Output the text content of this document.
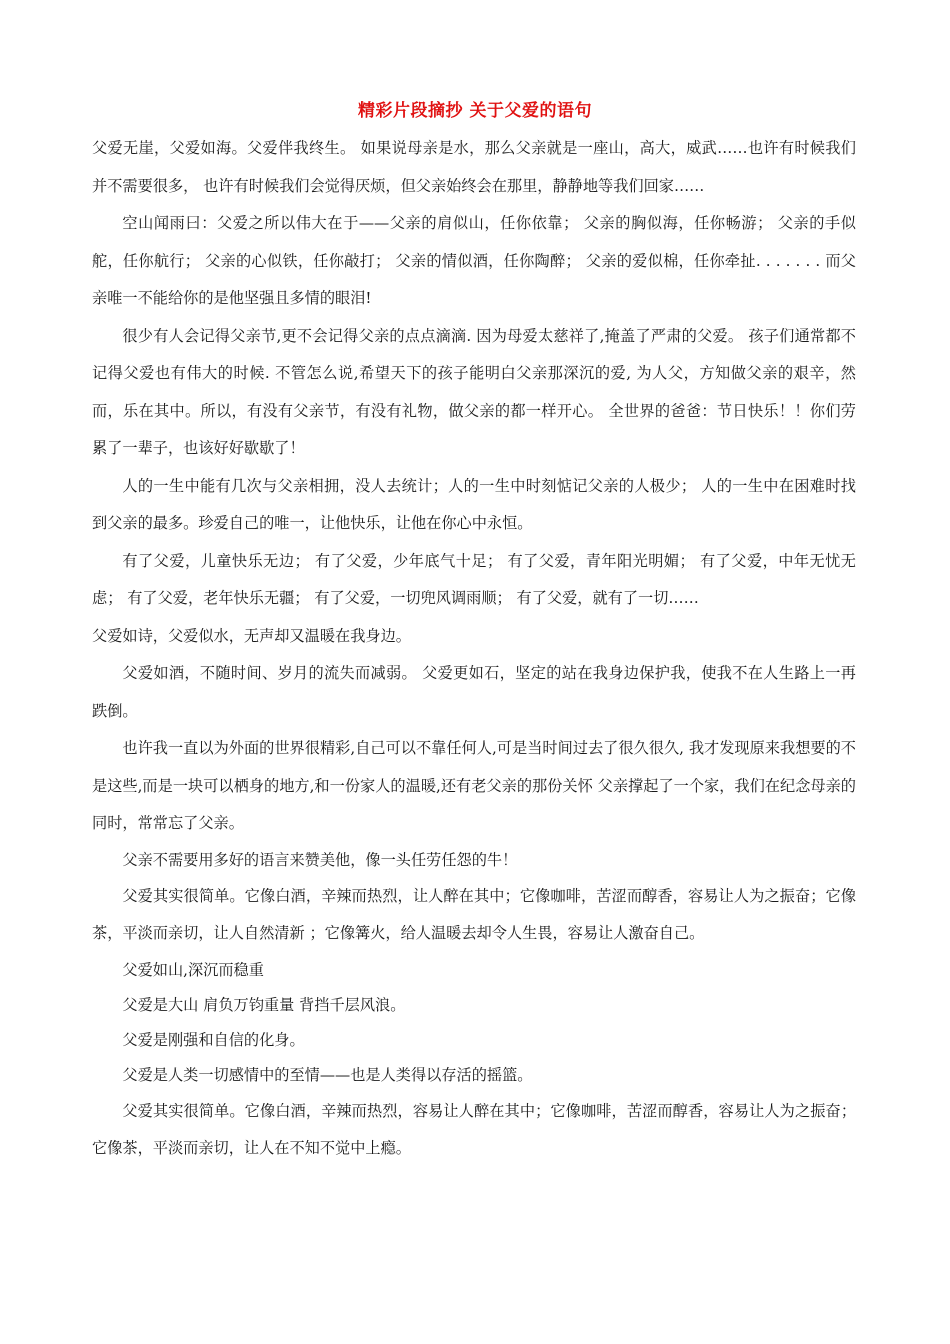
精彩片段摘抄 关于父爱的语句

父爱无崖，父爱如海。父爱伴我终生。 如果说母亲是水，那么父亲就是一座山，高大，威武……也许有时候我们并不需要很多， 也许有时候我们会觉得厌烦，但父亲始终会在那里，静静地等我们回家……

空山闻雨曰：父爱之所以伟大在于——父亲的肩似山，任你依靠； 父亲的胸似海，任你畅游； 父亲的手似舵，任你航行； 父亲的心似铁，任你敲打； 父亲的情似酒，任你陶醉； 父亲的爱似棉，任你牵扯. . . . . . . 而父亲唯一不能给你的是他坚强且多情的眼泪!

很少有人会记得父亲节,更不会记得父亲的点点滴滴. 因为母爱太慈祥了,掩盖了严肃的父爱。 孩子们通常都不记得父爱也有伟大的时候. 不管怎么说,希望天下的孩子能明白父亲那深沉的爱, 为人父，方知做父亲的艰辛，然而，乐在其中。所以，有没有父亲节，有没有礼物，做父亲的都一样开心。 全世界的爸爸：节日快乐！！你们劳累了一辈子，也该好好歇歇了！

人的一生中能有几次与父亲相拥，没人去统计；人的一生中时刻惦记父亲的人极少； 人的一生中在困难时找到父亲的最多。珍爱自己的唯一，让他快乐，让他在你心中永恒。

有了父爱，儿童快乐无边； 有了父爱，少年底气十足； 有了父爱，青年阳光明媚； 有了父爱，中年无忧无虑； 有了父爱，老年快乐无疆； 有了父爱，一切兜风调雨顺； 有了父爱，就有了一切……

父爱如诗，父爱似水，无声却又温暖在我身边。

父爱如酒，不随时间、岁月的流失而减弱。 父爱更如石，坚定的站在我身边保护我，使我不在人生路上一再跌倒。

也许我一直以为外面的世界很精彩,自己可以不靠任何人,可是当时间过去了很久很久, 我才发现原来我想要的不是这些,而是一块可以栖身的地方,和一份家人的温暖,还有老父亲的那份关怀 父亲撑起了一个家，我们在纪念母亲的同时，常常忘了父亲。

父亲不需要用多好的语言来赞美他，像一头任劳任怨的牛！

父爱其实很简单。它像白酒，辛辣而热烈，让人醉在其中；它像咖啡，苦涩而醇香，容易让人为之振奋；它像茶，平淡而亲切，让人自然清新 ；它像篝火，给人温暖去却令人生畏，容易让人激奋自己。

父爱如山,深沉而稳重

父爱是大山 肩负万钧重量 背挡千层风浪。

父爱是刚强和自信的化身。

父爱是人类一切感情中的至情——也是人类得以存活的摇篮。

父爱其实很简单。它像白酒，辛辣而热烈，容易让人醉在其中；它像咖啡，苦涩而醇香，容易让人为之振奋；它像茶，平淡而亲切，让人在不知不觉中上瘾。
